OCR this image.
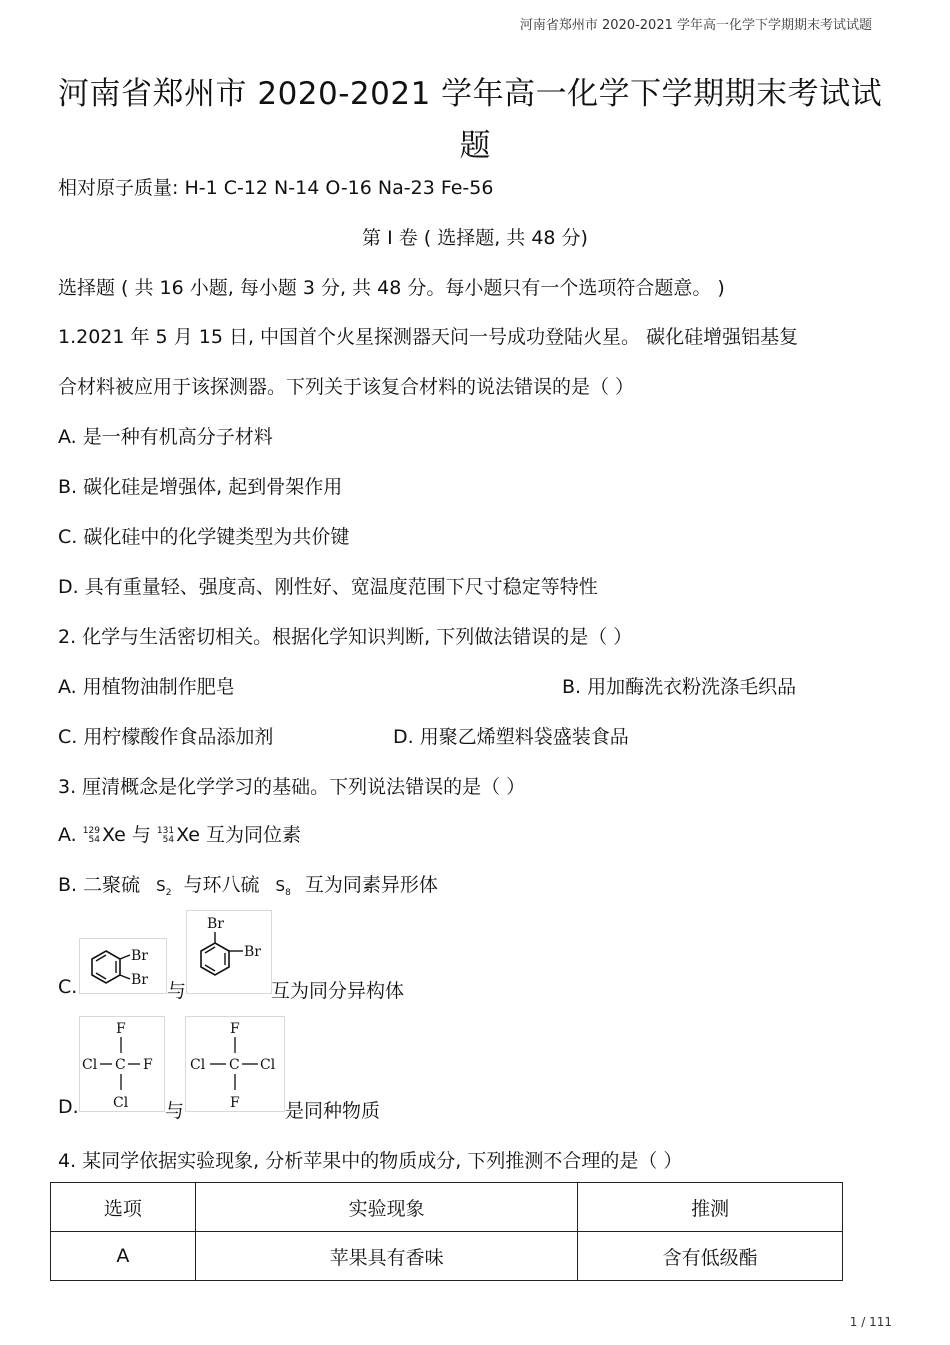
河南省郑州市 2020-2021 学年高一化学下学期期末考试试题
河南省郑州市 2020-2021 学年高一化学下学期期末考试试
题
相对原子质量: H-1 C-12 N-14 O-16 Na-23 Fe-56
第 I 卷 ( 选择题, 共 48 分)
选择题 ( 共 16 小题, 每小题 3 分, 共 48 分。每小题只有一个选项符合题意。 )
1.2021 年 5 月 15 日, 中国首个火星探测器天问一号成功登陆火星。 碳化硅增强铝基复
合材料被应用于该探测器。下列关于该复合材料的说法错误的是（ ）
A. 是一种有机高分子材料
B. 碳化硅是增强体, 起到骨架作用
C. 碳化硅中的化学键类型为共价键
D. 具有重量轻、强度高、刚性好、宽温度范围下尺寸稳定等特性
2. 化学与生活密切相关。根据化学知识判断, 下列做法错误的是（ ）
A. 用植物油制作肥皂	B. 用加酶洗衣粉洗涤毛织品
C. 用柠檬酸作食品添加剂	D. 用聚乙烯塑料袋盛装食品
3. 厘清概念是化学学习的基础。下列说法错误的是（ ）
A. 129
54 Xe 与 131
54 Xe 互为同位素
B. 二聚硫 $S_2$ 与环八硫 $S_8$ 互为同素异形体
C.
Br
Br 与
Br
Br
互为同分异构体
D.
F
Cl C F
Cl 与
F
Cl C Cl
F 是同种物质
4. 某同学依据实验现象, 分析苹果中的物质成分, 下列推测不合理的是（ ）
选项	实验现象	推测
A	苹果具有香味	含有低级酯
1 / 111
